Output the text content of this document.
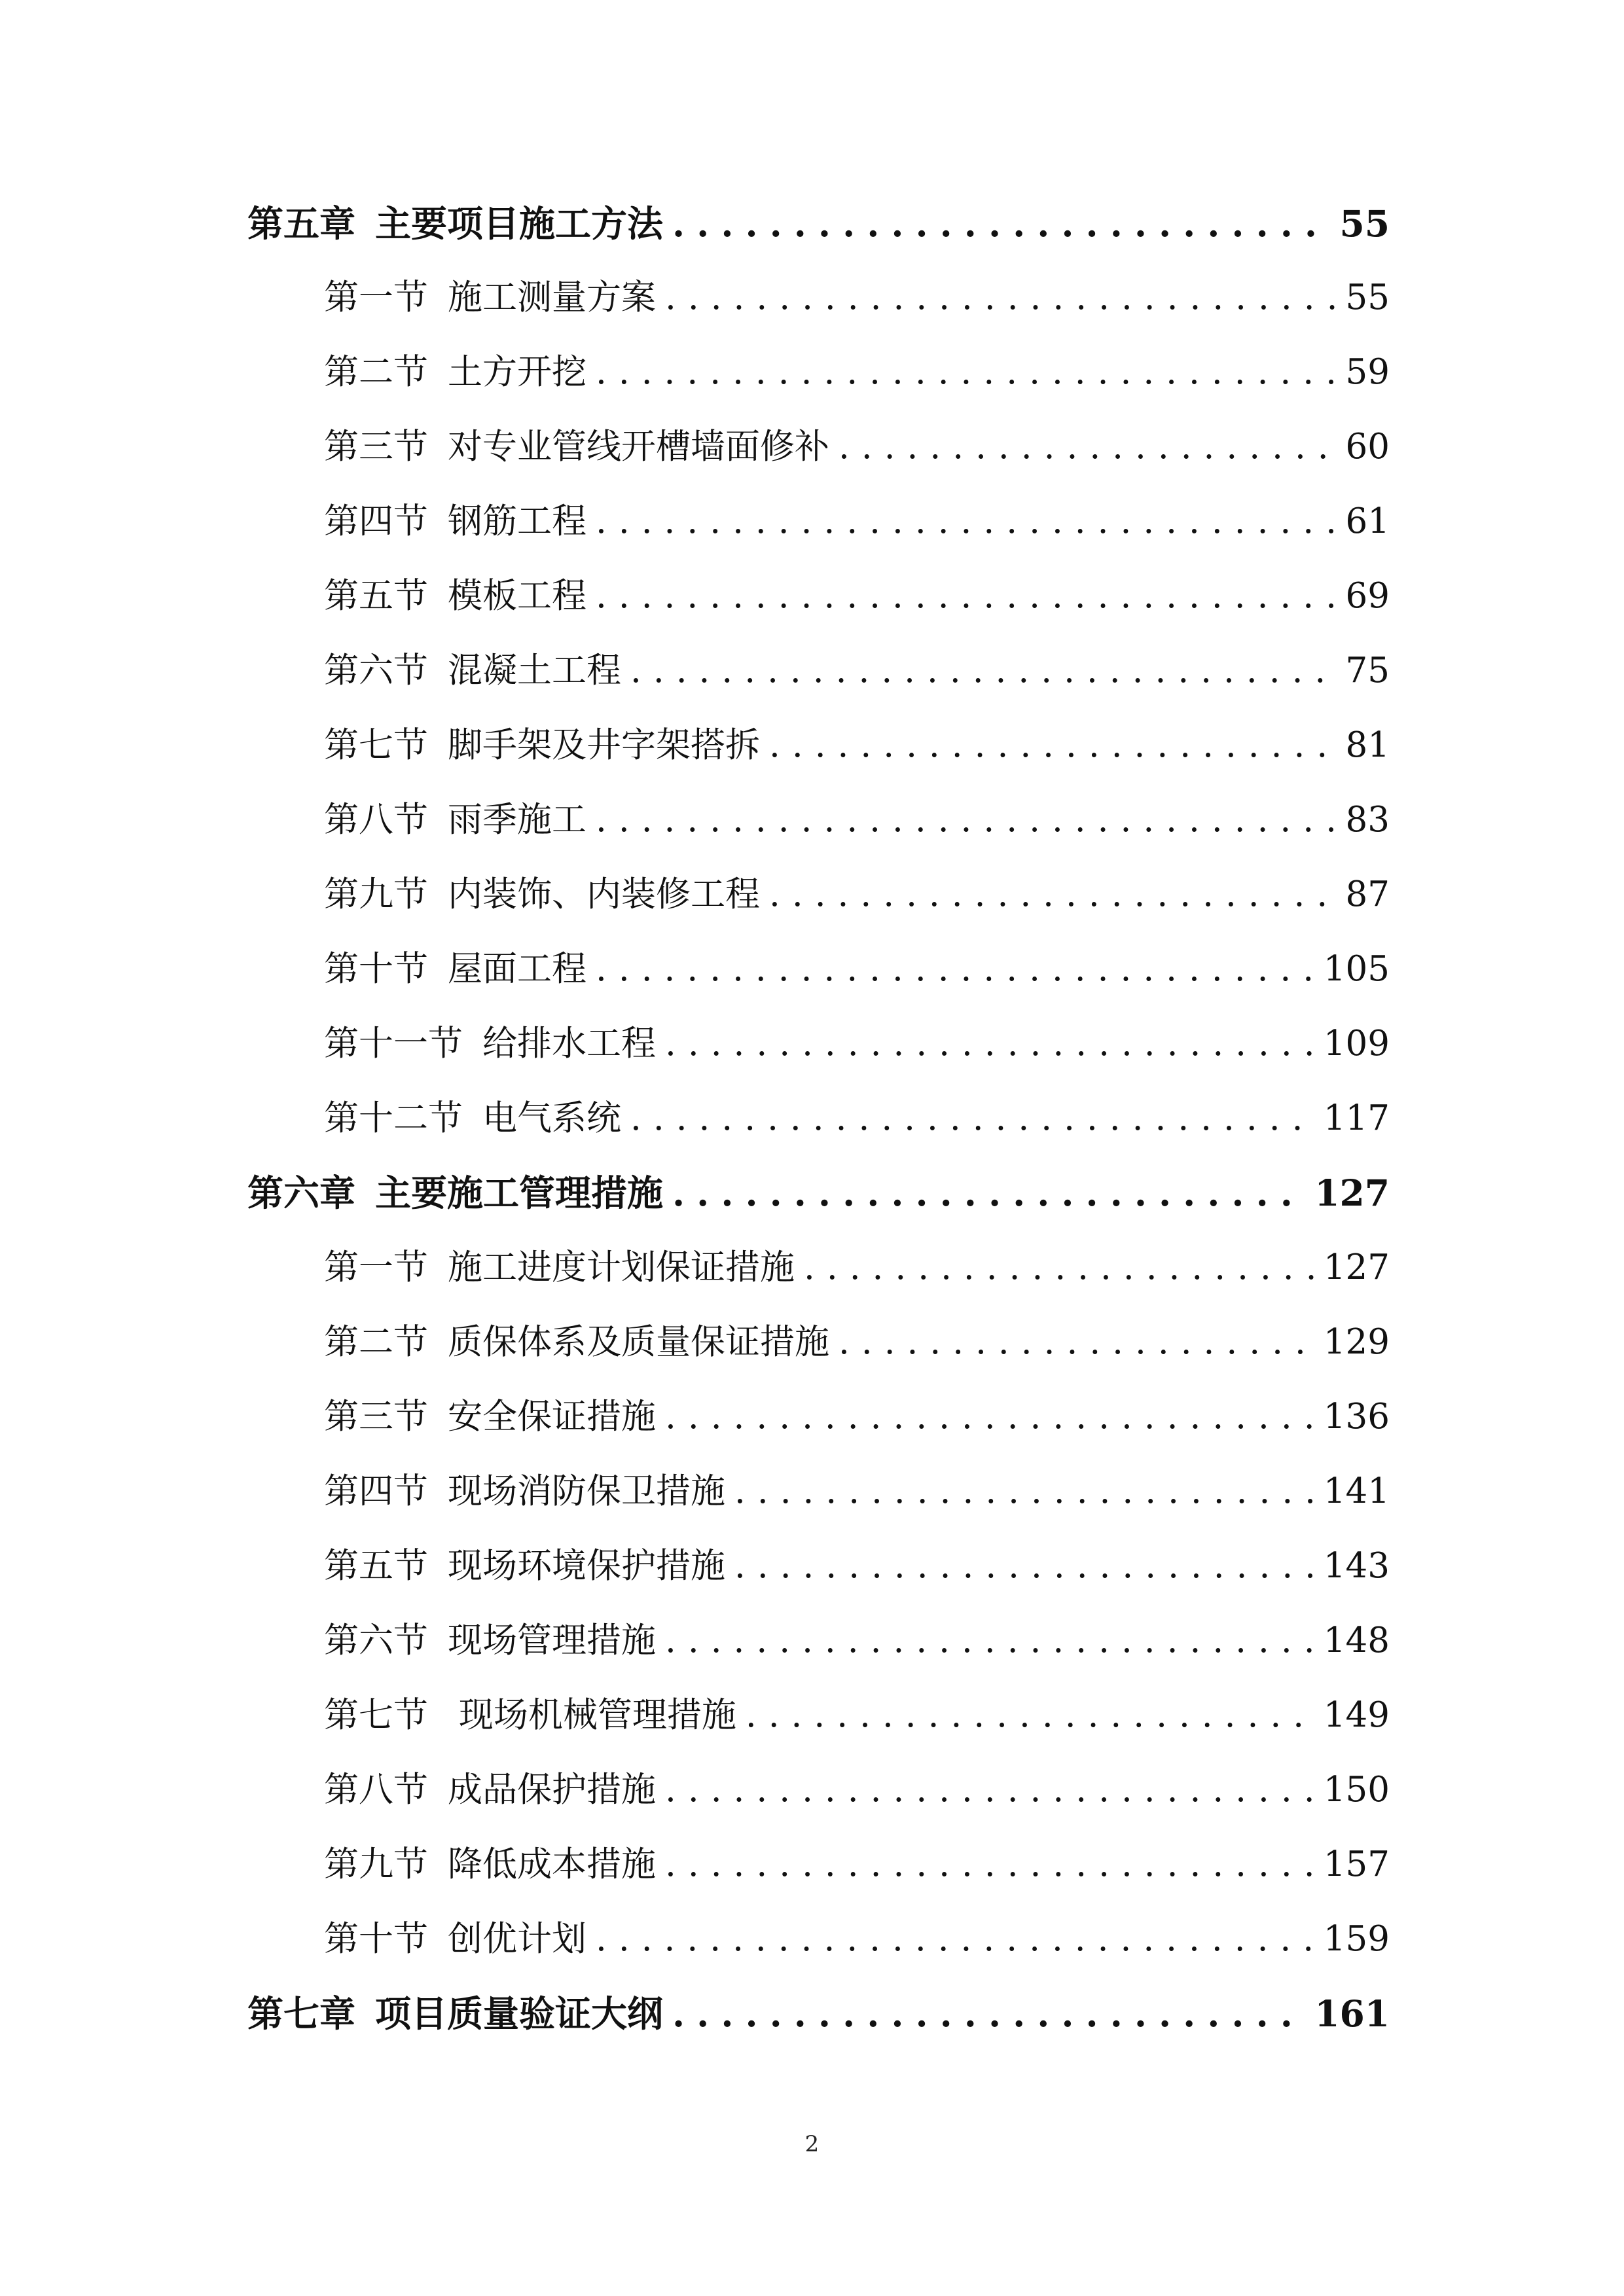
第五章 主要项目施工方法 .....	55
第一节 施工测量方案 .....	55
第二节 土方开挖 .....	59
第三节 对专业管线开槽墙面修补 .....	60
第四节 钢筋工程 .....	61
第五节 模板工程 .....	69
第六节 混凝土工程 .....	75
第七节 脚手架及井字架搭拆 .....	81
第八节 雨季施工 .....	83
第九节 内装饰、内装修工程 .....	87
第十节 屋面工程 .....	105
第十一节 给排水工程 .....	109
第十二节 电气系统 .....	117
第六章 主要施工管理措施 .....	127
第一节 施工进度计划保证措施 .....	127
第二节 质保体系及质量保证措施 .....	129
第三节 安全保证措施 .....	136
第四节 现场消防保卫措施 .....	141
第五节 现场环境保护措施 .....	143
第六节 现场管理措施 .....	148
第七节 现场机械管理措施 .....	149
第八节 成品保护措施 .....	150
第九节 降低成本措施 .....	157
第十节 创优计划 .....	159
第七章 项目质量验证大纲 .....	161
2
